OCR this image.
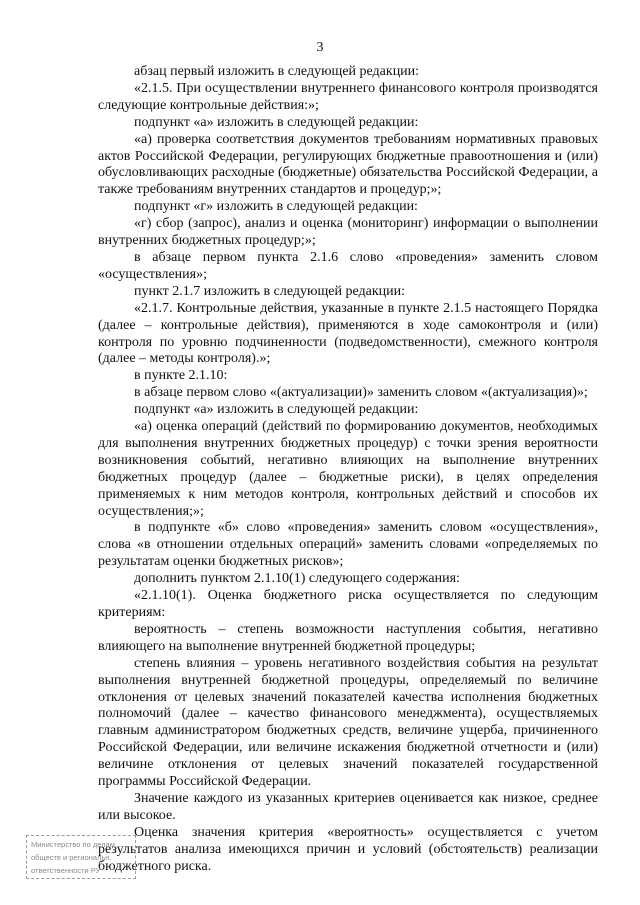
3

абзац первый изложить в следующей редакции:

«2.1.5. При осуществлении внутреннего финансового контроля производятся следующие контрольные действия:»;

подпункт «а» изложить в следующей редакции:

«а) проверка соответствия документов требованиям нормативных правовых актов Российской Федерации, регулирующих бюджетные правоотношения и (или) обусловливающих расходные (бюджетные) обязательства Российской Федерации, а также требованиям внутренних стандартов и процедур;»;

подпункт «г» изложить в следующей редакции:

«г) сбор (запрос), анализ и оценка (мониторинг) информации о выполнении внутренних бюджетных процедур;»;

в абзаце первом пункта 2.1.6 слово «проведения» заменить словом «осуществления»;

пункт 2.1.7 изложить в следующей редакции:

«2.1.7. Контрольные действия, указанные в пункте 2.1.5 настоящего Порядка (далее – контрольные действия), применяются в ходе самоконтроля и (или) контроля по уровню подчиненности (подведомственности), смежного контроля (далее – методы контроля).»;

в пункте 2.1.10:

в абзаце первом слово «(актуализации)» заменить словом «(актуализация)»;

подпункт «а» изложить в следующей редакции:

«а) оценка операций (действий по формированию документов, необходимых для выполнения внутренних бюджетных процедур) с точки зрения вероятности возникновения событий, негативно влияющих на выполнение внутренних бюджетных процедур (далее – бюджетные риски), в целях определения применяемых к ним методов контроля, контрольных действий и способов их осуществления;»;

в подпункте «б» слово «проведения» заменить словом «осуществления», слова «в отношении отдельных операций» заменить словами «определяемых по результатам оценки бюджетных рисков»;

дополнить пунктом 2.1.10(1) следующего содержания:

«2.1.10(1). Оценка бюджетного риска осуществляется по следующим критериям:

вероятность – степень возможности наступления события, негативно влияющего на выполнение внутренней бюджетной процедуры;

степень влияния – уровень негативного воздействия события на результат выполнения внутренней бюджетной процедуры, определяемый по величине отклонения от целевых значений показателей качества исполнения бюджетных полномочий (далее – качество финансового менеджмента), осуществляемых главным администратором бюджетных средств, величине ущерба, причиненного Российской Федерации, или величине искажения бюджетной отчетности и (или) величине отклонения от целевых значений показателей государственной программы Российской Федерации.

Значение каждого из указанных критериев оценивается как низкое, среднее или высокое.

Оценка значения критерия «вероятность» осуществляется с учетом результатов анализа имеющихся причин и условий (обстоятельств) реализации бюджетного риска.

Министерство по делам
обществ и региональн.
ответственности РУ
